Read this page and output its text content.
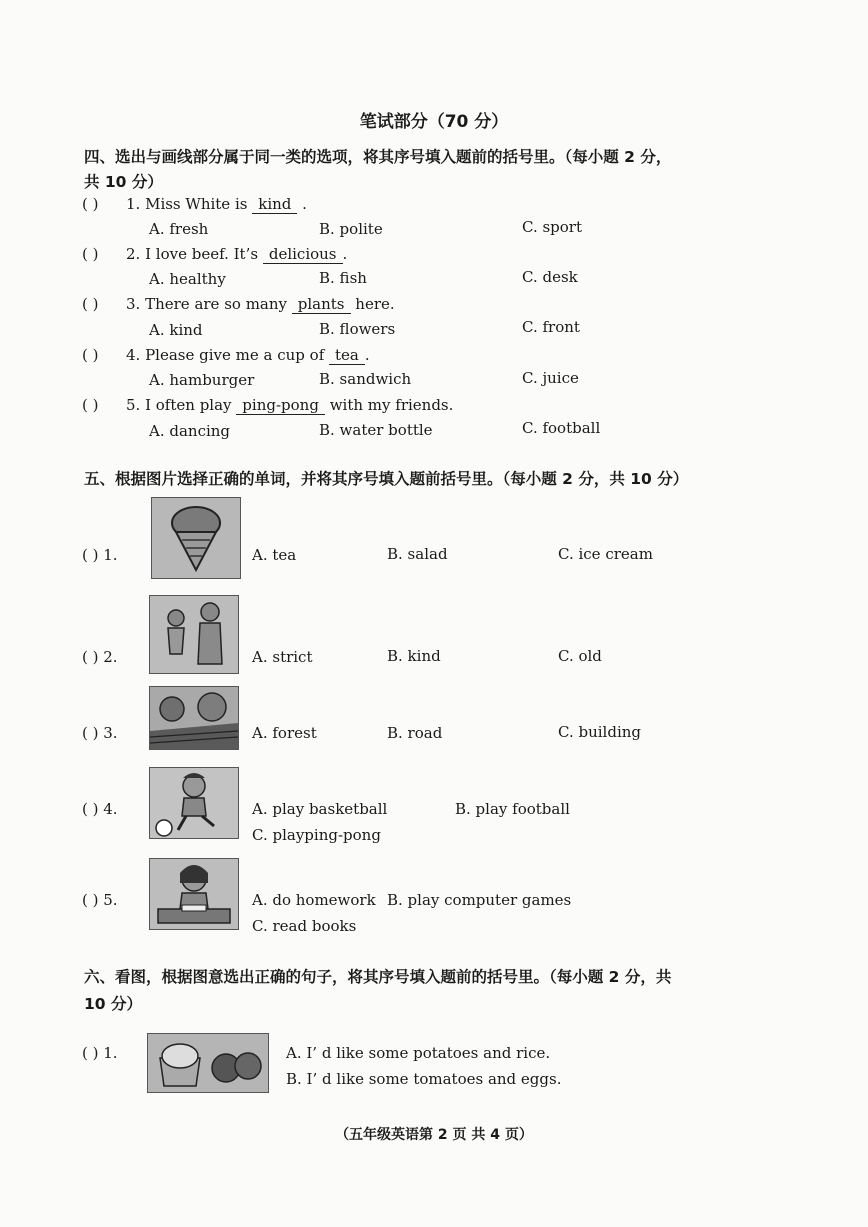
笔试部分（70 分）
四、选出与画线部分属于同一类的选项，将其序号填入题前的括号里。（每小题 2 分，
共 10 分）
( ) 1. Miss White is kind .
A. fresh	B. polite	C. sport
( ) 2. I love beef. It’s delicious .
A. healthy	B. fish	C. desk
( ) 3. There are so many plants here.
A. kind	B. flowers	C. front
( ) 4. Please give me a cup of tea .
A. hamburger	B. sandwich	C. juice
( ) 5. I often play ping-pong with my friends.
A. dancing	B. water bottle	C. football
五、根据图片选择正确的单词，并将其序号填入题前括号里。（每小题 2 分，共 10 分）
( ) 1.	A. tea	B. salad	C. ice cream
( ) 2.	A. strict	B. kind	C. old
( ) 3.	A. forest	B. road	C. building
( ) 4.	A. play basketball	B. play football
C. playping-pong
( ) 5.	A. do homework B. play computer games
C. read books
六、看图，根据图意选出正确的句子，将其序号填入题前的括号里。（每小题 2 分，共
10 分）
( ) 1.	A. I’ d like some potatoes and rice.
B. I’ d like some tomatoes and eggs.
（五年级英语第 2 页 共 4 页）
